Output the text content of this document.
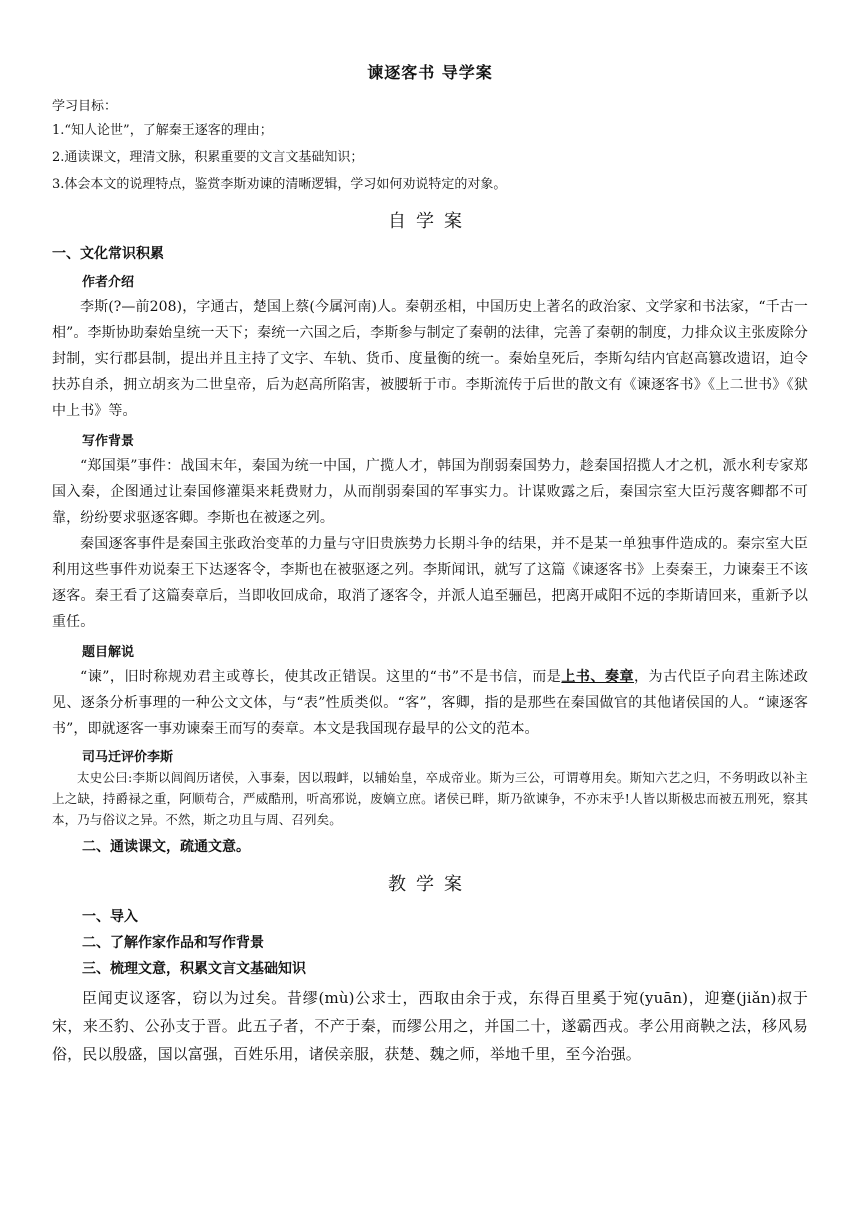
谏逐客书 导学案
学习目标：
1.“知人论世”，了解秦王逐客的理由；
2.通读课文，理清文脉，积累重要的文言文基础知识；
3.体会本文的说理特点，鉴赏李斯劝谏的清晰逻辑，学习如何劝说特定的对象。
自学案
一、文化常识积累
作者介绍

李斯(?—前208)，字通古，楚国上蔡(今属河南)人。秦朝丞相，中国历史上著名的政治家、文学家和书法家，“千古一相”。李斯协助秦始皇统一天下；秦统一六国之后，李斯参与制定了秦朝的法律，完善了秦朝的制度，力排众议主张废除分封制，实行郡县制，提出并且主持了文字、车轨、货币、度量衡的统一。秦始皇死后，李斯勾结内官赵高篡改遗诏，迫令扶苏自杀，拥立胡亥为二世皇帝，后为赵高所陷害，被腰斩于市。李斯流传于后世的散文有《谏逐客书》《上二世书》《狱中上书》等。

写作背景

“郑国渠”事件：战国末年，秦国为统一中国，广揽人才，韩国为削弱秦国势力，趁秦国招揽人才之机，派水利专家郑国入秦，企图通过让秦国修灌渠来耗费财力，从而削弱秦国的军事实力。计谋败露之后，秦国宗室大臣污蔑客卿都不可靠，纷纷要求驱逐客卿。李斯也在被逐之列。

秦国逐客事件是秦国主张政治变革的力量与守旧贵族势力长期斗争的结果，并不是某一单独事件造成的。秦宗室大臣利用这些事件劝说秦王下达逐客令，李斯也在被驱逐之列。李斯闻讯，就写了这篇《谏逐客书》上奏秦王，力谏秦王不该逐客。秦王看了这篇奏章后，当即收回成命，取消了逐客令，并派人追至骊邑，把离开咸阳不远的李斯请回来，重新予以重任。

题目解说

“谏”，旧时称规劝君主或尊长，使其改正错误。这里的“书”不是书信，而是上书、奏章，为古代臣子向君主陈述政见、逐条分析事理的一种公文文体，与“表”性质类似。“客”，客卿，指的是那些在秦国做官的其他诸侯国的人。“谏逐客书”，即就逐客一事劝谏秦王而写的奏章。本文是我国现存最早的公文的范本。

司马迁评价李斯

太史公曰:李斯以闾阎历诸侯，入事秦，因以瑕衅，以辅始皇，卒成帝业。斯为三公，可谓尊用矣。斯知六艺之归，不务明政以补主上之缺，持爵禄之重，阿顺苟合，严威酷刑，听高邪说，废嫡立庶。诸侯已畔，斯乃欲谏争，不亦末乎!人皆以斯极忠而被五刑死，察其本，乃与俗议之异。不然，斯之功且与周、召列矣。

二、通读课文，疏通文意。
教学案
一、导入
二、了解作家作品和写作背景
三、梳理文意，积累文言文基础知识

臣闻吏议逐客，窃以为过矣。昔缪(mù)公求士，西取由余于戎，东得百里奚于宛(yuān)，迎蹇(jiǎn)叔于宋，来丕豹、公孙支于晋。此五子者，不产于秦，而缪公用之，并国二十，遂霸西戎。孝公用商鞅之法，移风易俗，民以殷盛，国以富强，百姓乐用，诸侯亲服，获楚、魏之师，举地千里，至今治强。
